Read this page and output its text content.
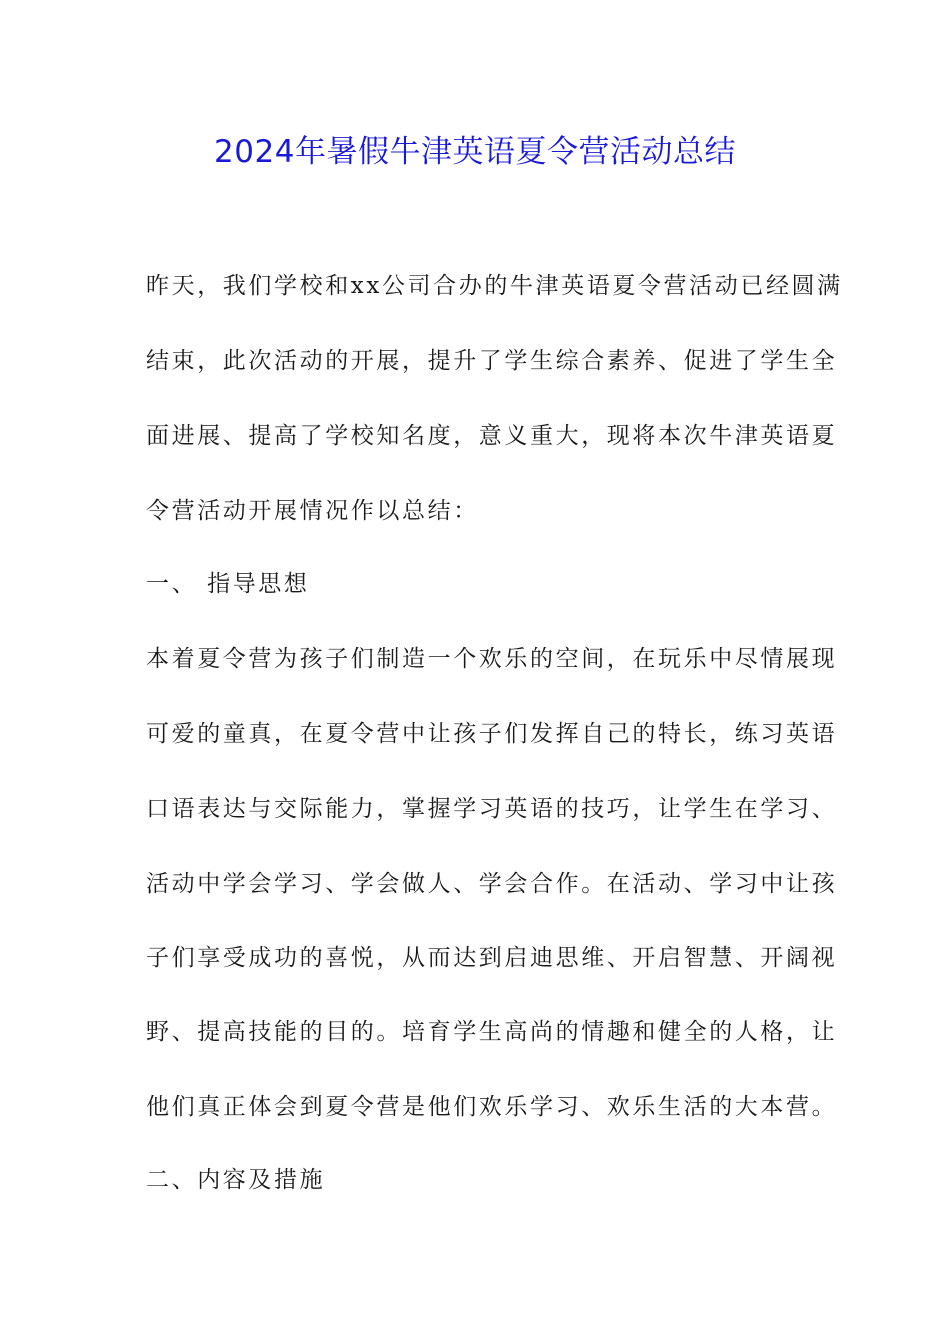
2024年暑假牛津英语夏令营活动总结
昨天，我们学校和xx公司合办的牛津英语夏令营活动已经圆满
结束，此次活动的开展，提升了学生综合素养、促进了学生全
面进展、提高了学校知名度，意义重大，现将本次牛津英语夏
令营活动开展情况作以总结：
一、 指导思想
本着夏令营为孩子们制造一个欢乐的空间，在玩乐中尽情展现
可爱的童真，在夏令营中让孩子们发挥自己的特长，练习英语
口语表达与交际能力，掌握学习英语的技巧，让学生在学习、
活动中学会学习、学会做人、学会合作。在活动、学习中让孩
子们享受成功的喜悦，从而达到启迪思维、开启智慧、开阔视
野、提高技能的目的。培育学生高尚的情趣和健全的人格，让
他们真正体会到夏令营是他们欢乐学习、欢乐生活的大本营。
二、内容及措施
